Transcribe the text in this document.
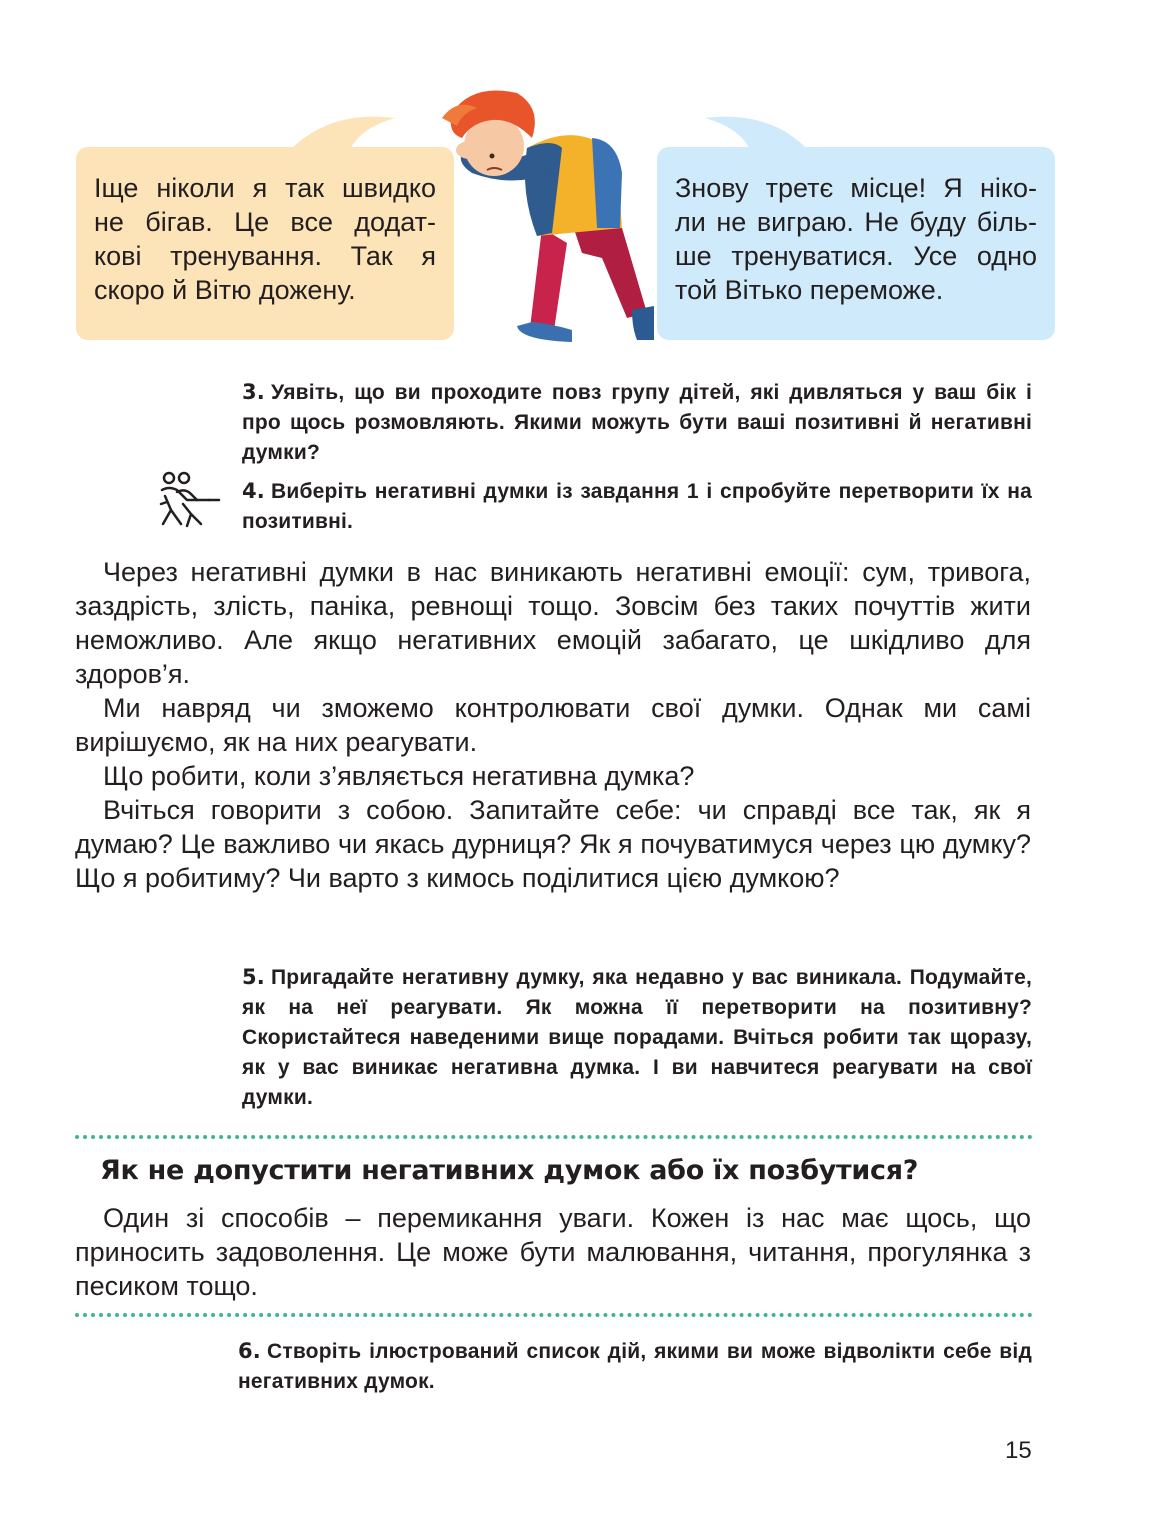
Іще ніколи я так швидко
не бігав. Це все додат-
кові тренування. Так я
скоро й Вітю дожену.
Знову третє місце! Я ніко-
ли не виграю. Не буду біль-
ше тренуватися. Усе одно
той Вітько переможе.
3. Уявіть, що ви проходите повз групу дітей, які дивляться у ваш бік і про щось розмовляють. Якими можуть бути ваші позитивні й негативні думки?
4. Виберіть негативні думки із завдання 1 і спробуйте перетворити їх на позитивні.

Через негативні думки в нас виникають негативні емоції: сум, тривога, заздрість, злість, паніка, ревнощі тощо. Зовсім без таких почуттів жити неможливо. Але якщо негативних емоцій забагато, це шкідливо для здоров’я.

Ми навряд чи зможемо контролювати свої думки. Однак ми самі вирішуємо, як на них реагувати.

Що робити, коли з’являється негативна думка?

Вчіться говорити з собою. Запитайте себе: чи справді все так, як я думаю? Це важливо чи якась дурниця? Як я почуватимуся через цю думку? Що я робитиму? Чи варто з кимось поділитися цією думкою?

5. Пригадайте негативну думку, яка недавно у вас виникала. Подумайте, як на неї реагувати. Як можна її перетворити на позитивну? Скористайтеся наведеними вище порадами. Вчіться робити так щоразу, як у вас виникає негативна думка. І ви навчитеся реагувати на свої думки.
Як не допустити негативних думок або їх позбутися?

Один зі способів – перемикання уваги. Кожен із нас має щось, що приносить задоволення. Це може бути малювання, читання, прогулянка з песиком тощо.

6. Створіть ілюстрований список дій, якими ви може відволікти себе від негативних думок.
15
